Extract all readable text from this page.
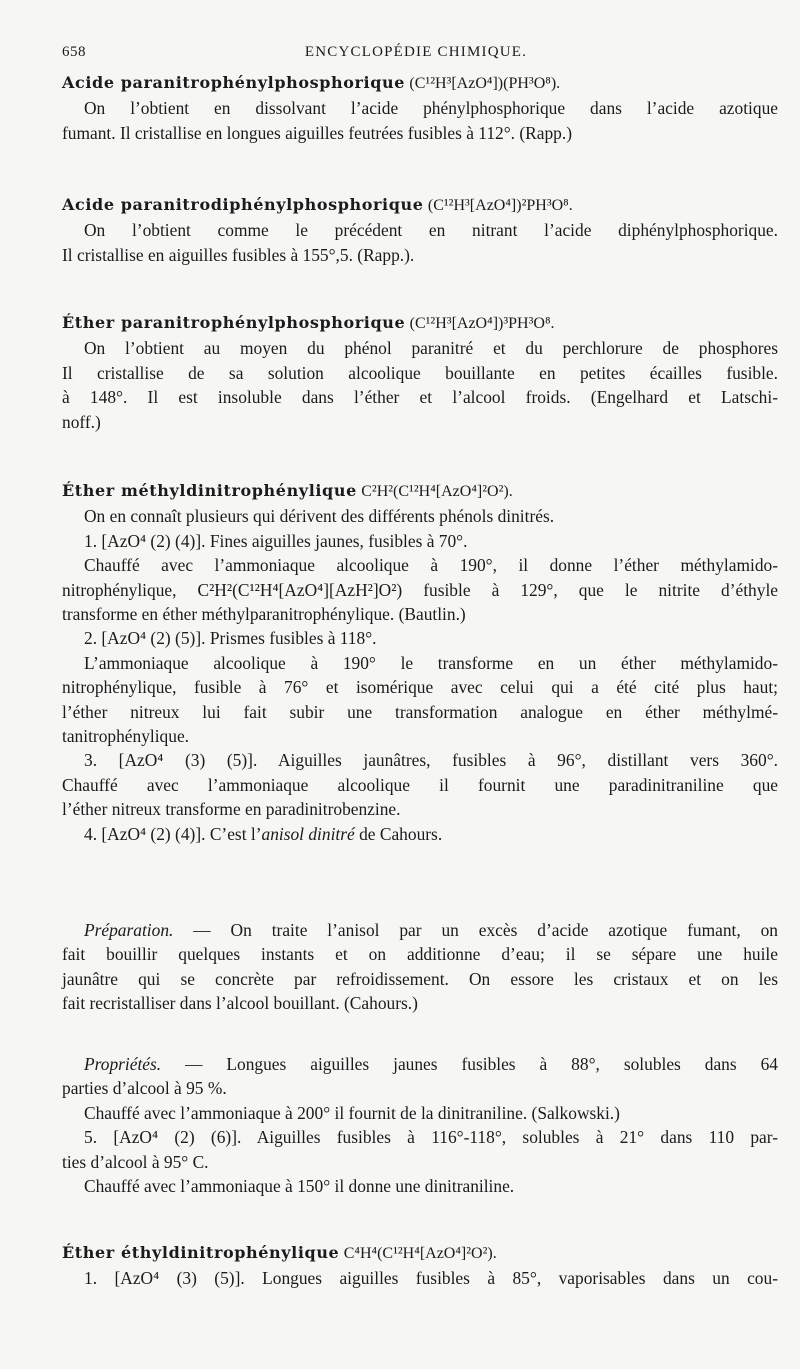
658	ENCYCLOPÉDIE CHIMIQUE.
Acide paranitrophénylphosphorique (C¹²H³[AzO⁴])(PH³O⁸).
On l’obtient en dissolvant l’acide phénylphosphorique dans l’acide azotique
fumant. Il cristallise en longues aiguilles feutrées fusibles à 112°. (Rapp.)
Acide paranitrodiphénylphosphorique (C¹²H³[AzO⁴])²PH³O⁸.
On l’obtient comme le précédent en nitrant l’acide diphénylphosphorique.
Il cristallise en aiguilles fusibles à 155°,5. (Rapp.).
Éther paranitrophénylphosphorique (C¹²H³[AzO⁴])³PH³O⁸.
On l’obtient au moyen du phénol paranitré et du perchlorure de phosphores
Il cristallise de sa solution alcoolique bouillante en petites écailles fusible.
à 148°. Il est insoluble dans l’éther et l’alcool froids. (Engelhard et Latschi-
noff.)
Éther méthyldinitrophénylique C²H²(C¹²H⁴[AzO⁴]²O²).
On en connaît plusieurs qui dérivent des différents phénols dinitrés.
1. [AzO⁴ (2) (4)]. Fines aiguilles jaunes, fusibles à 70°.
Chauffé avec l’ammoniaque alcoolique à 190°, il donne l’éther méthylamido-
nitrophénylique, C²H²(C¹²H⁴[AzO⁴][AzH²]O²) fusible à 129°, que le nitrite d’éthyle
transforme en éther méthylparanitrophénylique. (Bautlin.)
2. [AzO⁴ (2) (5)]. Prismes fusibles à 118°.
L’ammoniaque alcoolique à 190° le transforme en un éther méthylamido-
nitrophénylique, fusible à 76° et isomérique avec celui qui a été cité plus haut;
l’éther nitreux lui fait subir une transformation analogue en éther méthylmé-
tanitrophénylique.
3. [AzO⁴ (3) (5)]. Aiguilles jaunâtres, fusibles à 96°, distillant vers 360°.
Chauffé avec l’ammoniaque alcoolique il fournit une paradinitraniline que
l’éther nitreux transforme en paradinitrobenzine.
4. [AzO⁴ (2) (4)]. C’est l’anisol dinitré de Cahours.
Préparation. — On traite l’anisol par un excès d’acide azotique fumant, on
fait bouillir quelques instants et on additionne d’eau; il se sépare une huile
jaunâtre qui se concrète par refroidissement. On essore les cristaux et on les
fait recristalliser dans l’alcool bouillant. (Cahours.)
Propriétés. — Longues aiguilles jaunes fusibles à 88°, solubles dans 64
parties d’alcool à 95 %.
Chauffé avec l’ammoniaque à 200° il fournit de la dinitraniline. (Salkowski.)
5. [AzO⁴ (2) (6)]. Aiguilles fusibles à 116°-118°, solubles à 21° dans 110 par-
ties d’alcool à 95° C.
Chauffé avec l’ammoniaque à 150° il donne une dinitraniline.
Éther éthyldinitrophénylique C⁴H⁴(C¹²H⁴[AzO⁴]²O²).
1. [AzO⁴ (3) (5)]. Longues aiguilles fusibles à 85°, vaporisables dans un cou-
